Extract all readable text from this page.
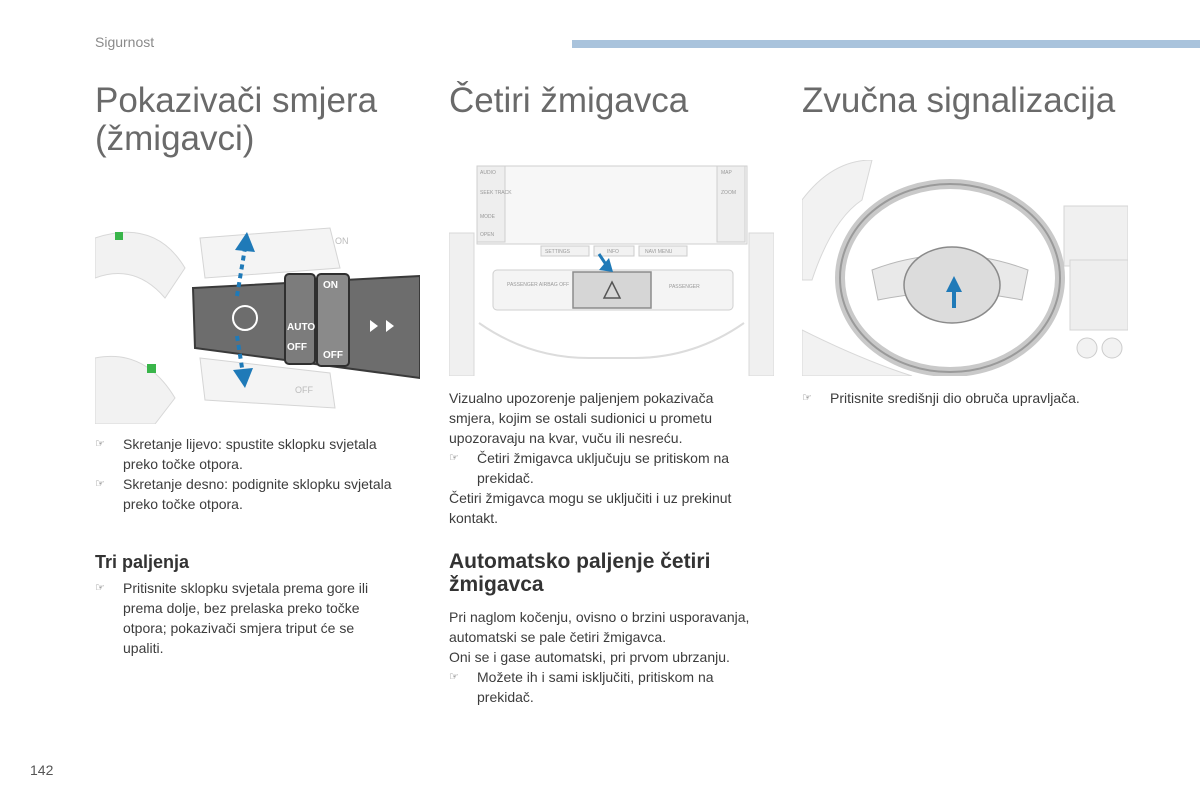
Sigurnost
Pokazivači smjera
(žmigavci)
ON
OFF
AUTO
OFF
ON
OFF
☞ Skretanje lijevo: spustite sklopku svjetala

preko točke otpora.

☞ Skretanje desno: podignite sklopku svjetala

preko točke otpora.

Tri paljenja
☞ Pritisnite sklopku svjetala prema gore ili

prema dolje, bez prelaska preko točke

otpora; pokazivači smjera triput će se

upaliti.

Četiri žmigavca
AUDIO
SEEK TRACK
MODE
OPEN
MAP
ZOOM
SETTINGS	INFO	NAVI MENU
PASSENGER AIRBAG OFF	PASSENGER

Vizualno upozorenje paljenjem pokazivača

smjera, kojim se ostali sudionici u prometu

upozoravaju na kvar, vuču ili nesreću.

☞ Četiri žmigavca uključuju se pritiskom na

prekidač.

Četiri žmigavca mogu se uključiti i uz prekinut

kontakt.

Automatsko paljenje četiri
žmigavca

Pri naglom kočenju, ovisno o brzini usporavanja,

automatski se pale četiri žmigavca.

Oni se i gase automatski, pri prvom ubrzanju.

☞ Možete ih i sami isključiti, pritiskom na

prekidač.

Zvučna signalizacija
☞ Pritisnite središnji dio obruča upravljača.

142
